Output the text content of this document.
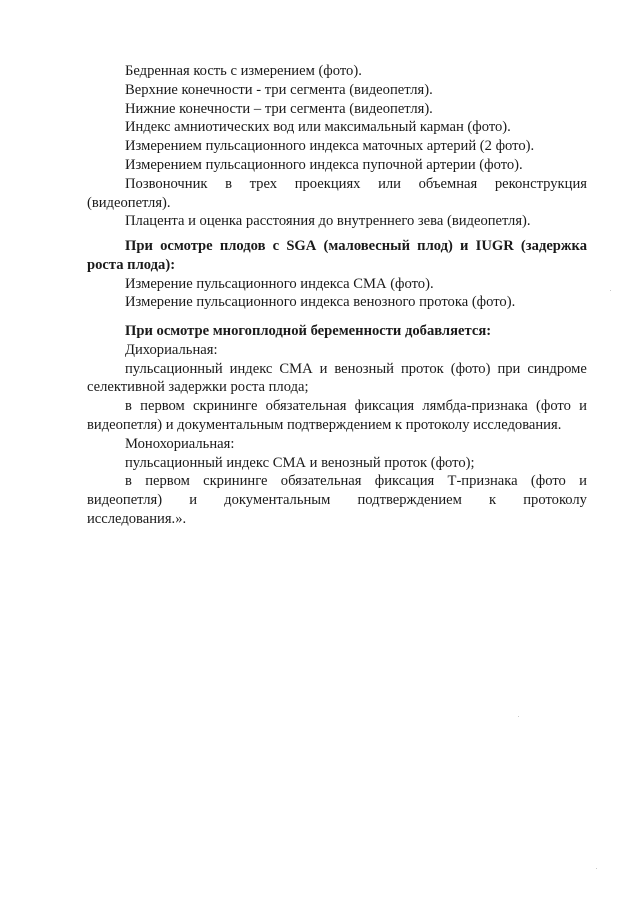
Бедренная кость с измерением (фото).
Верхние конечности - три сегмента (видеопетля).
Нижние конечности – три сегмента (видеопетля).
Индекс амниотических вод или максимальный карман (фото).
Измерением пульсационного индекса маточных артерий (2 фото).
Измерением пульсационного индекса пупочной артерии (фото).
Позвоночник в трех проекциях или объемная реконструкция
(видеопетля).
Плацента и оценка расстояния до внутреннего зева (видеопетля).
При осмотре плодов с SGA (маловесный плод) и IUGR (задержка
роста плода):
Измерение пульсационного индекса СМА (фото).
Измерение пульсационного индекса венозного протока (фото).
При осмотре многоплодной беременности добавляется:
Дихориальная:
пульсационный индекс СМА и венозный проток (фото) при синдроме
селективной задержки роста плода;
в первом скрининге обязательная фиксация лямбда-признака (фото и
видеопетля) и документальным подтверждением к протоколу исследования.
Монохориальная:
пульсационный индекс СМА и венозный проток (фото);
в первом скрининге обязательная фиксация Т-признака (фото и
видеопетля) и документальным подтверждением к протоколу
исследования.».
